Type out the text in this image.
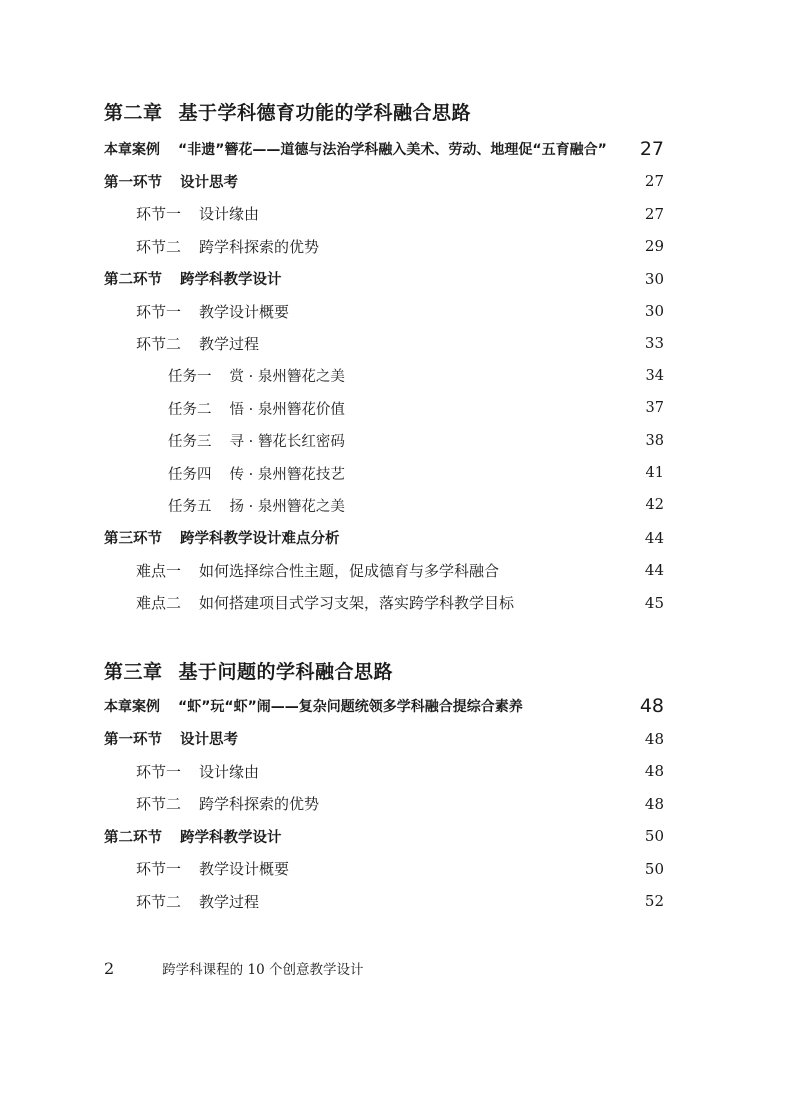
第二章 基于学科德育功能的学科融合思路
本章案例 “非遗”簪花——道德与法治学科融入美术、劳动、地理促“五育融合”	27
第一环节 设计思考	27
环节一 设计缘由	27
环节二 跨学科探索的优势	29
第二环节 跨学科教学设计	30
环节一 教学设计概要	30
环节二 教学过程	33
任务一 赏 · 泉州簪花之美	34
任务二 悟 · 泉州簪花价值	37
任务三 寻 · 簪花长红密码	38
任务四 传 · 泉州簪花技艺	41
任务五 扬 · 泉州簪花之美	42
第三环节 跨学科教学设计难点分析	44
难点一 如何选择综合性主题，促成德育与多学科融合	44
难点二 如何搭建项目式学习支架，落实跨学科教学目标	45
第三章 基于问题的学科融合思路
本章案例 “虾”玩“虾”闹——复杂问题统领多学科融合提综合素养	48
第一环节 设计思考	48
环节一 设计缘由	48
环节二 跨学科探索的优势	48
第二环节 跨学科教学设计	50
环节一 教学设计概要	50
环节二 教学过程	52
2	跨学科课程的 10 个创意教学设计
